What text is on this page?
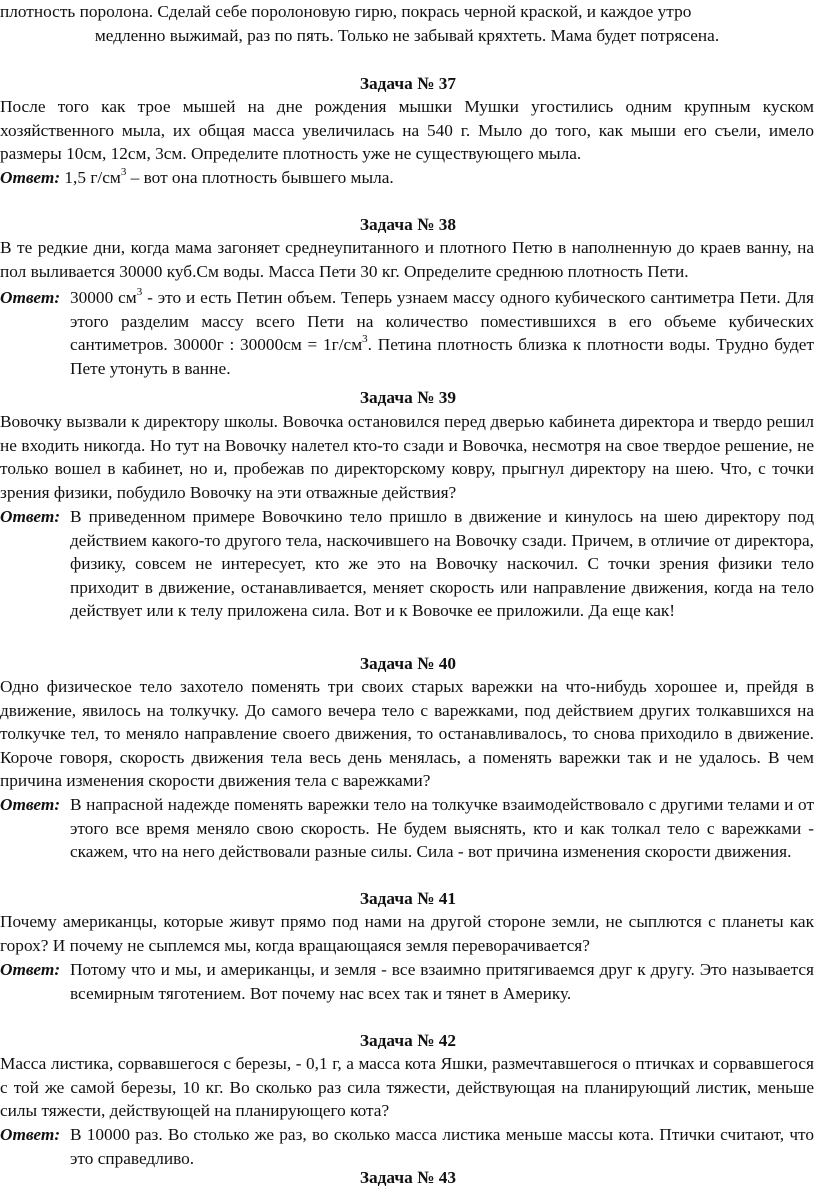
плотность поролона. Сделай себе поролоновую гирю, покрась черной краской, и каждое утро

медленно выжимай, раз по пять. Только не забывай кряхтеть. Мама будет потрясена.

Задача № 37

После того как трое мышей на дне рождения мышки Мушки угостились одним крупным куском хозяйственного мыла, их общая масса увеличилась на 540 г. Мыло до того, как мыши его съели, имело размеры 10см, 12см, 3см. Определите плотность уже не существующего мыла.

Ответ: 1,5 $г/см^3$ – вот она плотность бывшего мыла.

Задача № 38

В те редкие дни, когда мама загоняет среднеупитанного и плотного Петю в наполненную до краев ванну, на пол выливается 30000 куб.См воды. Масса Пети 30 кг. Определите среднюю плотность Пети.

Ответ: 30000 $см^3$ - это и есть Петин объем. Теперь узнаем массу одного кубического сантиметра Пети. Для этого разделим массу всего Пети на количество поместившихся в его объеме кубических сантиметров. 30000г : $30000см = 1г/см^3$. Петина плотность близка к плотности воды. Трудно будет Пете утонуть в ванне.

Задача № 39

Вовочку вызвали к директору школы. Вовочка остановился перед дверью кабинета директора и твердо решил не входить никогда. Но тут на Вовочку налетел кто-то сзади и Вовочка, несмотря на свое твердое решение, не только вошел в кабинет, но и, пробежав по директорскому ковру, прыгнул директору на шею. Что, с точки зрения физики, побудило Вовочку на эти отважные действия?

Ответ: В приведенном примере Вовочкино тело пришло в движение и кинулось на шею директору под действием какого-то другого тела, наскочившего на Вовочку сзади. Причем, в отличие от директора, физику, совсем не интересует, кто же это на Вовочку наскочил. С точки зрения физики тело приходит в движение, останавливается, меняет скорость или направление движения, когда на тело действует или к телу приложена сила. Вот и к Вовочке ее приложили. Да еще как!

Задача № 40

Одно физическое тело захотело поменять три своих старых варежки на что-нибудь хорошее и, прейдя в движение, явилось на толкучку. До самого вечера тело с варежками, под действием других толкавшихся на толкучке тел, то меняло направление своего движения, то останавливалось, то снова приходило в движение. Короче говоря, скорость движения тела весь день менялась, а поменять варежки так и не удалось. В чем причина изменения скорости движения тела с варежками?

Ответ: В напрасной надежде поменять варежки тело на толкучке взаимодействовало с другими телами и от этого все время меняло свою скорость. Не будем выяснять, кто и как толкал тело с варежками - скажем, что на него действовали разные силы. Сила - вот причина изменения скорости движения.

Задача № 41

Почему американцы, которые живут прямо под нами на другой стороне земли, не сыплются с планеты как горох? И почему не сыплемся мы, когда вращающаяся земля переворачивается?

Ответ: Потому что и мы, и американцы, и земля - все взаимно притягиваемся друг к другу. Это называется всемирным тяготением. Вот почему нас всех так и тянет в Америку.

Задача № 42

Масса листика, сорвавшегося с березы, - 0,1 г, а масса кота Яшки, размечтавшегося о птичках и сорвавшегося с той же самой березы, 10 кг. Во сколько раз сила тяжести, действующая на планирующий листик, меньше силы тяжести, действующей на планирующего кота?

Ответ: В 10000 раз. Во столько же раз, во сколько масса листика меньше массы кота. Птички считают, что это справедливо.

Задача № 43
